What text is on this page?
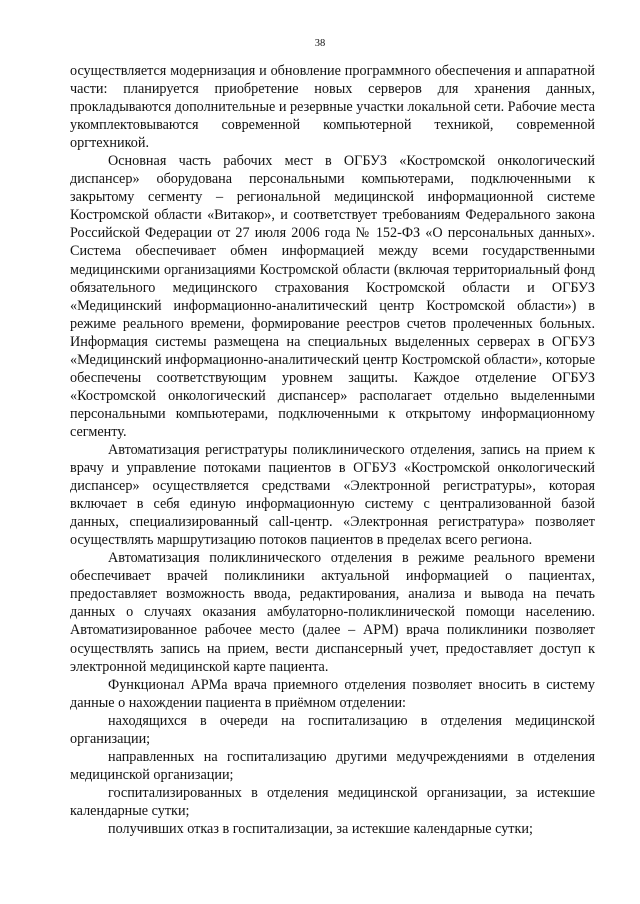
38

осуществляется модернизация и обновление программного обеспечения и аппаратной части: планируется приобретение новых серверов для хранения данных, прокладываются дополнительные и резервные участки локальной сети. Рабочие места укомплектовываются современной компьютерной техникой, современной оргтехникой.

Основная часть рабочих мест в ОГБУЗ «Костромской онкологический диспансер» оборудована персональными компьютерами, подключенными к закрытому сегменту – региональной медицинской информационной системе Костромской области «Витакор», и соответствует требованиям Федерального закона Российской Федерации от 27 июля 2006 года № 152-ФЗ «О персональных данных». Система обеспечивает обмен информацией между всеми государственными медицинскими организациями Костромской области (включая территориальный фонд обязательного медицинского страхования Костромской области и ОГБУЗ «Медицинский информационно-аналитический центр Костромской области») в режиме реального времени, формирование реестров счетов пролеченных больных. Информация системы размещена на специальных выделенных серверах в ОГБУЗ «Медицинский информационно-аналитический центр Костромской области», которые обеспечены соответствующим уровнем защиты. Каждое отделение ОГБУЗ «Костромской онкологический диспансер» располагает отдельно выделенными персональными компьютерами, подключенными к открытому информационному сегменту.

Автоматизация регистратуры поликлинического отделения, запись на прием к врачу и управление потоками пациентов в ОГБУЗ «Костромской онкологический диспансер» осуществляется средствами «Электронной регистратуры», которая включает в себя единую информационную систему с централизованной базой данных, специализированный call-центр. «Электронная регистратура» позволяет осуществлять маршрутизацию потоков пациентов в пределах всего региона.

Автоматизация поликлинического отделения в режиме реального времени обеспечивает врачей поликлиники актуальной информацией о пациентах, предоставляет возможность ввода, редактирования, анализа и вывода на печать данных о случаях оказания амбулаторно-поликлинической помощи населению. Автоматизированное рабочее место (далее – АРМ) врача поликлиники позволяет осуществлять запись на прием, вести диспансерный учет, предоставляет доступ к электронной медицинской карте пациента.

Функционал АРМа врача приемного отделения позволяет вносить в систему данные о нахождении пациента в приёмном отделении:

находящихся в очереди на госпитализацию в отделения медицинской организации;

направленных на госпитализацию другими медучреждениями в отделения медицинской организации;

госпитализированных в отделения медицинской организации, за истекшие календарные сутки;

получивших отказ в госпитализации, за истекшие календарные сутки;
